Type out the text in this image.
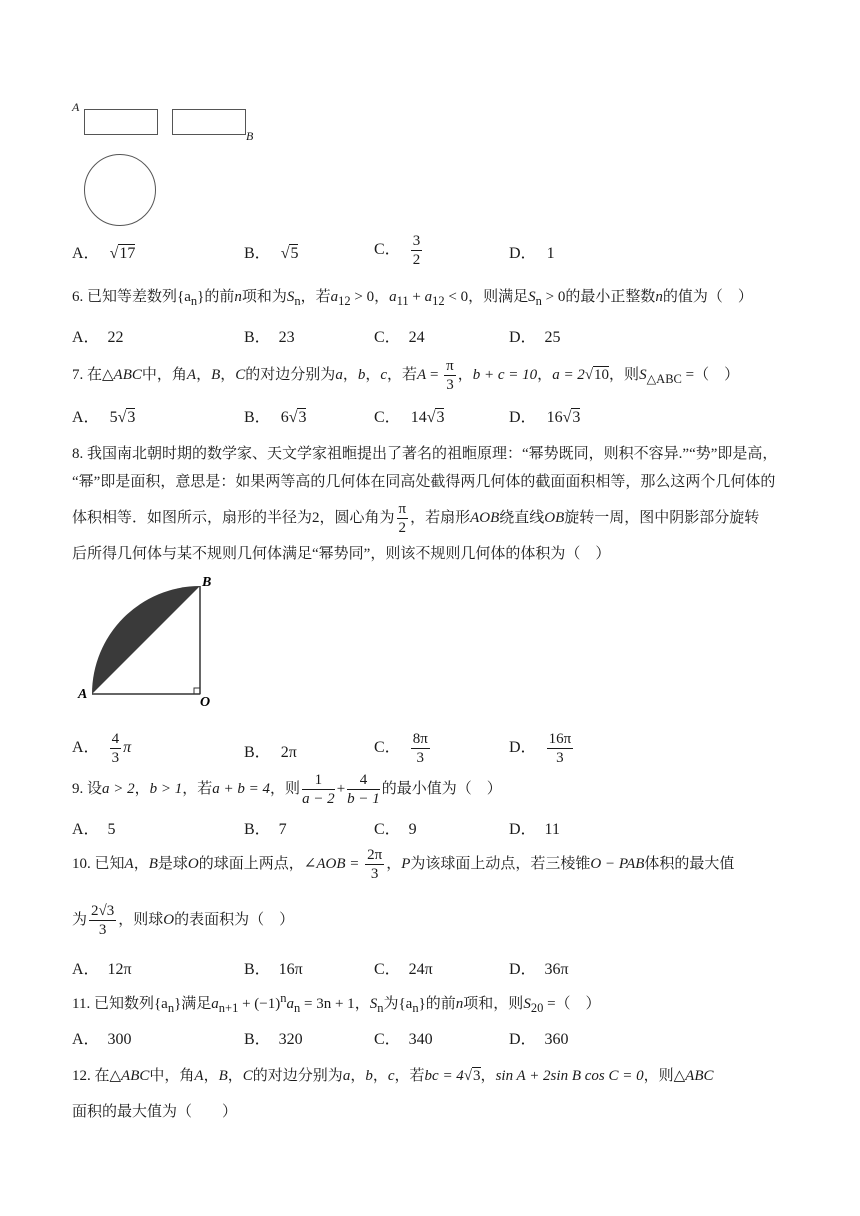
A
B
A． √17	B． √5	C． $\frac{3}{2}$	D． 1
6. 已知等差数列$\{a_n\}$的前n项和为$S_n$，若$a_{12} > 0$，$a_{11} + a_{12} < 0$，则满足$S_n > 0$的最小正整数n的值为（　）
A．　22	B．　23	C．　24	D．　25
7. 在△ABC中，角A，B，C的对边分别为a，b，c，若$A = \frac{\pi}{3}$ ，b + c = 10，a = 2√10，则$S_{\triangle ABC}$ =（　）
A． 5√3	B． 6√3	C． 14√3	D． 16√3
8. 我国南北朝时期的数学家、天文学家祖暅提出了著名的祖暅原理：“幂势既同，则积不容异.”“势”即是高，
“幂”即是面积，意思是：如果两等高的几何体在同高处截得两几何体的截面面积相等，那么这两个几何体的
体积相等．如图所示，扇形的半径为2，圆心角为 $\frac{\pi}{2}$ ，若扇形AOB绕直线OB旋转一周，图中阴影部分旋转
后所得几何体与某不规则几何体满足“幂势同”，则该不规则几何体的体积为（　）
A
B
O
A． $\frac{4}{3}$ π	B． 2π	C． $\frac{8\pi}{3}$	D． $\frac{16\pi}{3}$
9. 设a > 2，b > 1，若a + b = 4，则 $\frac{1}{a - 2} + \frac{4}{b - 1}$ 的最小值为（　）
A．　5	B．　7	C．　9	D．　11
10. 已知A，B是球O的球面上两点，∠AOB = $\frac{2\pi}{3}$ ，P为该球面上动点，若三棱锥O − PAB体积的最大值
为 $\frac{2√3}{3}$ ，则球O的表面积为（　）
A．　12π	B．　16π	C．　24π	D．　36π
11. 已知数列$\{a_n\}$满足$a_{n+1} + (-1)^na_n = 3n + 1$，$S_n$为$\{a_n\}$的前n项和，则$S_{20}$ =（　）
A．　300	B．　320	C．　340	D．　360
12. 在△ABC中，角A，B，C的对边分别为a，b，c，若bc = 4√3，sin A + 2sin B cos C = 0，则△ABC
面积的最大值为（　　）
